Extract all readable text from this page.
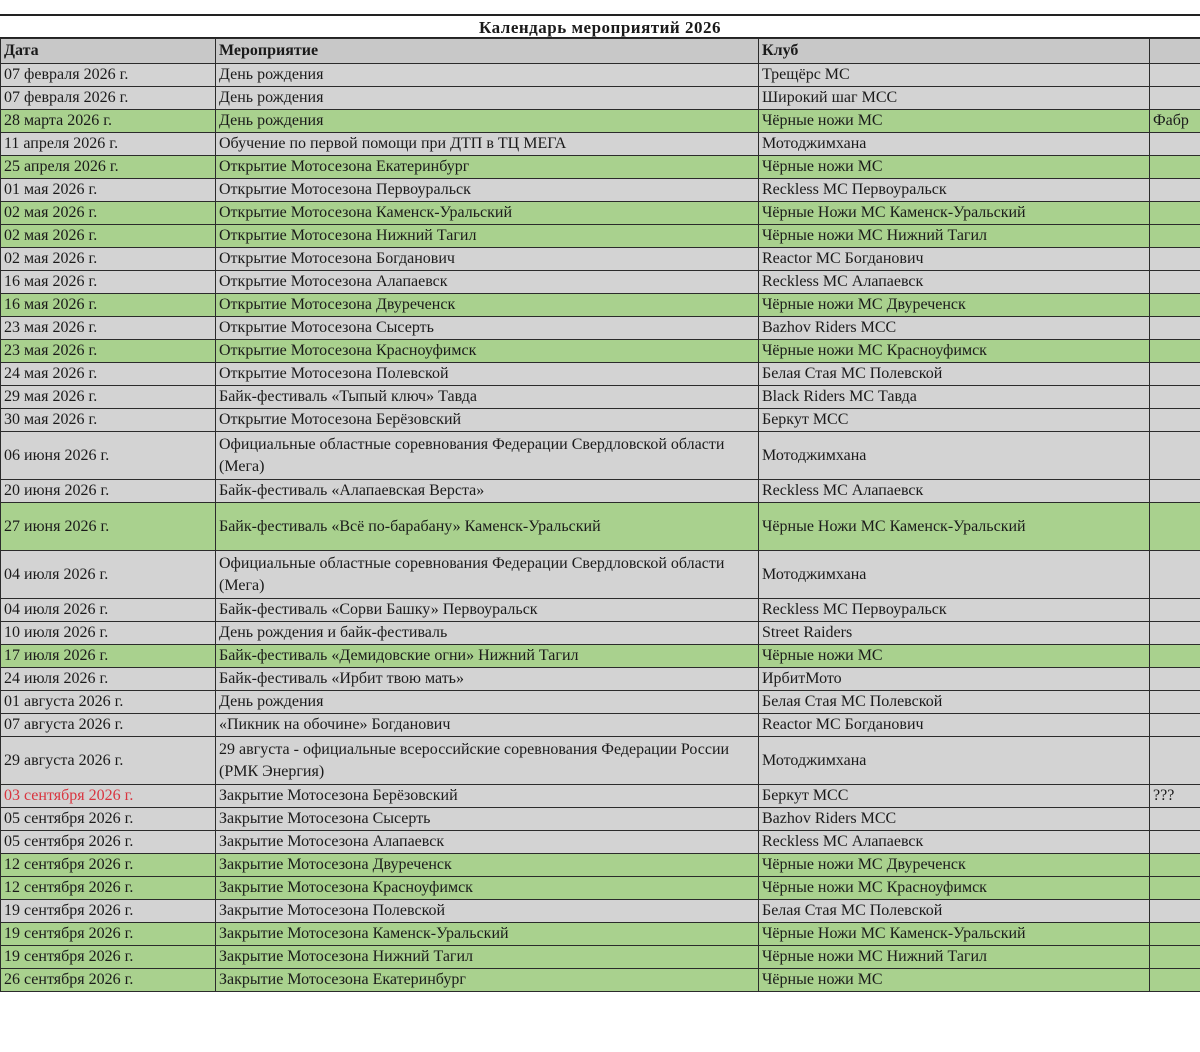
Календарь мероприятий 2026
Дата	Мероприятие	Клуб	
07 февраля 2026 г.	День рождения	Трещёрс МС	
07 февраля 2026 г.	День рождения	Широкий шаг МСС	
28 марта 2026 г.	День рождения	Чёрные ножи МС	Фабр
11 апреля 2026 г.	Обучение по первой помощи при ДТП в ТЦ МЕГА	Мотоджимхана	
25 апреля 2026 г.	Открытие Мотосезона Екатеринбург	Чёрные ножи МС	
01 мая 2026 г.	Открытие Мотосезона Первоуральск	Reckless MC Первоуральск	
02 мая 2026 г.	Открытие Мотосезона Каменск-Уральский	Чёрные Ножи МС Каменск-Уральский	
02 мая 2026 г.	Открытие Мотосезона Нижний Тагил	Чёрные ножи МС Нижний Тагил	
02 мая 2026 г.	Открытие Мотосезона Богданович	Reactor MC Богданович	
16 мая 2026 г.	Открытие Мотосезона Алапаевск	Reckless MC Алапаевск	
16 мая 2026 г.	Открытие Мотосезона Двуреченск	Чёрные ножи МС Двуреченск	
23 мая 2026 г.	Открытие Мотосезона Сысерть	Bazhov Riders MCC	
23 мая 2026 г.	Открытие Мотосезона Красноуфимск	Чёрные ножи МС Красноуфимск	
24 мая 2026 г.	Открытие Мотосезона Полевской	Белая Стая МС Полевской	
29 мая 2026 г.	Байк-фестиваль «Тыпый ключ» Тавда	Black Riders MC Тавда	
30 мая 2026 г.	Открытие Мотосезона Берёзовский	Беркут МСС	
06 июня 2026 г.	Официальные областные соревнования Федерации Свердловской области (Мега)	Мотоджимхана	
20 июня 2026 г.	Байк-фестиваль «Алапаевская Верста»	Reckless MC Алапаевск	
27 июня 2026 г.	Байк-фестиваль «Всё по-барабану» Каменск-Уральский	Чёрные Ножи МС Каменск-Уральский	
04 июля 2026 г.	Официальные областные соревнования Федерации Свердловской области (Мега)	Мотоджимхана	
04 июля 2026 г.	Байк-фестиваль «Сорви Башку» Первоуральск	Reckless MC Первоуральск	
10 июля 2026 г.	День рождения и байк-фестиваль	Street Raiders	
17 июля 2026 г.	Байк-фестиваль «Демидовские огни» Нижний Тагил	Чёрные ножи МС	
24 июля 2026 г.	Байк-фестиваль «Ирбит твою мать»	ИрбитМото	
01 августа 2026 г.	День рождения	Белая Стая МС Полевской	
07 августа 2026 г.	«Пикник на обочине» Богданович	Reactor MC Богданович	
29 августа 2026 г.	29 августа - официальные всероссийские соревнования Федерации России (РМК Энергия)	Мотоджимхана	
03 сентября 2026 г.	Закрытие Мотосезона Берёзовский	Беркут МСС	???
05 сентября 2026 г.	Закрытие Мотосезона Сысерть	Bazhov Riders MCC	
05 сентября 2026 г.	Закрытие Мотосезона Алапаевск	Reckless MC Алапаевск	
12 сентября 2026 г.	Закрытие Мотосезона Двуреченск	Чёрные ножи МС Двуреченск	
12 сентября 2026 г.	Закрытие Мотосезона Красноуфимск	Чёрные ножи МС Красноуфимск	
19 сентября 2026 г.	Закрытие Мотосезона Полевской	Белая Стая МС Полевской	
19 сентября 2026 г.	Закрытие Мотосезона Каменск-Уральский	Чёрные Ножи МС Каменск-Уральский	
19 сентября 2026 г.	Закрытие Мотосезона Нижний Тагил	Чёрные ножи МС Нижний Тагил	
26 сентября 2026 г.	Закрытие Мотосезона Екатеринбург	Чёрные ножи МС	
